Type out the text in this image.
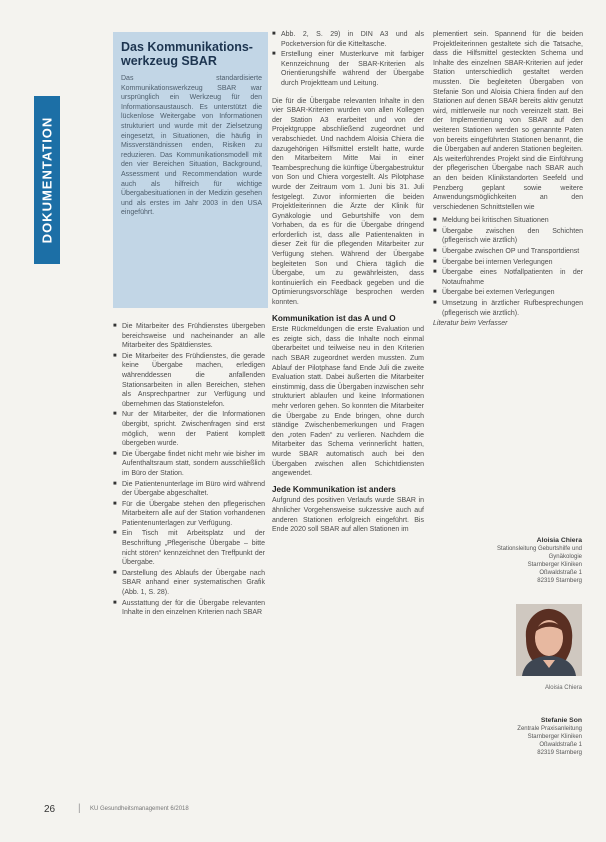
DOKUMENTATION
Das Kommunikations-werkzeug SBAR

Das standardisierte Kommunikationswerkzeug SBAR war ursprünglich ein Werkzeug für den Informationsaustausch. Es unterstützt die lückenlose Weitergabe von Informationen strukturiert und wurde mit der Zielsetzung eingesetzt, in Situationen, die häufig in Missverständnissen enden, Risiken zu reduzieren. Das Kommunikationsmodell mit den vier Bereichen Situation, Background, Assessment und Recommendation wurde auch als hilfreich für wichtige Übergabesituationen in der Medizin gesehen und als erstes im Jahr 2003 in den USA eingeführt.

■ Die Mitarbeiter des Frühdienstes übergeben bereichsweise und nacheinander an alle Mitarbeiter des Spätdienstes.
■ Die Mitarbeiter des Frühdienstes, die gerade keine Übergabe machen, erledigen währenddessen die anfallenden Stationsarbeiten in allen Bereichen, stehen als Ansprechpartner zur Verfügung und übernehmen das Stationstelefon.
■ Nur der Mitarbeiter, der die Informationen übergibt, spricht. Zwischenfragen sind erst möglich, wenn der Patient komplett übergeben wurde.
■ Die Übergabe findet nicht mehr wie bisher im Aufenthaltsraum statt, sondern ausschließlich im Büro der Station.
■ Die Patientenunterlage im Büro wird während der Übergabe abgeschaltet.
■ Für die Übergabe stehen den pflegerischen Mitarbeitern alle auf der Station vorhandenen Patientenunterlagen zur Verfügung.
■ Ein Tisch mit Arbeitsplatz und der Beschriftung „Pflegerische Übergabe – bitte nicht stören“ kennzeichnet den Treffpunkt der Übergabe.
■ Darstellung des Ablaufs der Übergabe nach SBAR anhand einer systematischen Grafik (Abb. 1, S. 28).
■ Ausstattung der für die Übergabe relevanten Inhalte in den einzelnen Kriterien nach SBAR
■ Abb. 2, S. 29) in DIN A3 und als Pocketversion für die Kitteltasche.
■ Erstellung einer Musterkurve mit farbiger Kennzeichnung der SBAR-Kriterien als Orientierungshilfe während der Übergabe durch Projektteam und Leitung.

Die für die Übergabe relevanten Inhalte in den vier SBAR-Kriterien wurden von allen Kollegen der Station A3 erarbeitet und von der Projektgruppe abschließend zugeordnet und verabschiedet. Und nachdem Aloisia Chiera die dazugehörigen Hilfsmittel erstellt hatte, wurde den Mitarbeitern Mitte Mai in einer Teambesprechung die künftige Übergabestruktur von Son und Chiera vorgestellt. Als Pilotphase wurde der Zeitraum vom 1. Juni bis 31. Juli festgelegt. Zuvor informierten die beiden Projektleiterinnen die Ärzte der Klinik für Gynäkologie und Geburtshilfe von dem Vorhaben, da es für die Übergabe dringend erforderlich ist, dass alle Patientenakten in dieser Zeit für die pflegenden Mitarbeiter zur Verfügung stehen. Während der Übergabe begleiteten Son und Chiera täglich die Übergabe, um zu gewährleisten, dass kontinuierlich ein Feedback gegeben und die Optimierungsvorschläge besprochen werden konnten.

Kommunikation ist das A und O

Erste Rückmeldungen die erste Evaluation und es zeigte sich, dass die Inhalte noch einmal überarbeitet und teilweise neu in den Kriterien nach SBAR zugeordnet werden mussten. Zum Ablauf der Pilotphase fand Ende Juli die zweite Evaluation statt. Dabei äußerten die Mitarbeiter einstimmig, dass die Übergaben inzwischen sehr strukturiert ablaufen und keine Informationen mehr verloren gehen. So konnten die Mitarbeiter die Übergabe zu Ende bringen, ohne durch ständige Zwischenbemerkungen und Fragen den „roten Faden“ zu verlieren. Nachdem die Mitarbeiter das Schema verinnerlicht hatten, wurde SBAR automatisch auch bei den Übergaben zwischen allen Schichtdiensten angewendet.

Jede Kommunikation ist anders

Aufgrund des positiven Verlaufs wurde SBAR in ähnlicher Vorgehensweise sukzessive auch auf anderen Stationen erfolgreich eingeführt. Bis Ende 2020 soll SBAR auf allen Stationen im

plementiert sein. Spannend für die beiden Projektleiterinnen gestaltete sich die Tatsache, dass die Hilfsmittel gesteckten Schema und Inhalte des einzelnen SBAR-Kriterien auf jeder Station unterschiedlich gestaltet werden mussten. Die begleiteten Übergaben von Stefanie Son und Aloisia Chiera finden auf den Stationen auf denen SBAR bereits aktiv genutzt wird, mittlerweile nur noch vereinzelt statt. Bei der Implementierung von SBAR auf den weiteren Stationen werden so genannte Paten von bereits eingeführten Stationen benannt, die die Übergaben auf anderen Stationen begleiten. Als weiterführendes Projekt sind die Einführung der pflegerischen Übergabe nach SBAR auch an den beiden Klinikstandorten Seefeld und Penzberg geplant sowie weitere Anwendungsmöglichkeiten an den verschiedenen Schnittstellen wie

■ Meldung bei kritischen Situationen
■ Übergabe zwischen den Schichten (pflegerisch wie ärztlich)
■ Übergabe zwischen OP und Transportdienst
■ Übergabe bei internen Verlegungen
■ Übergabe eines Notfallpatienten in der Notaufnahme
■ Übergabe bei externen Verlegungen
■ Umsetzung in ärztlicher Rufbesprechungen (pflegerisch wie ärztlich).

Literatur beim Verfasser

Aloisia Chiera
Stationsleitung Geburtshilfe und
Gynäkologie
Starnberger Kliniken
Oßwaldstraße 1
82319 Starnberg
Aloisia Chiera
Stefanie Son
Zentrale Praxisanleitung
Starnberger Kliniken
Oßwaldstraße 1
82319 Starnberg
26 | KU Gesundheitsmanagement 6/2018
